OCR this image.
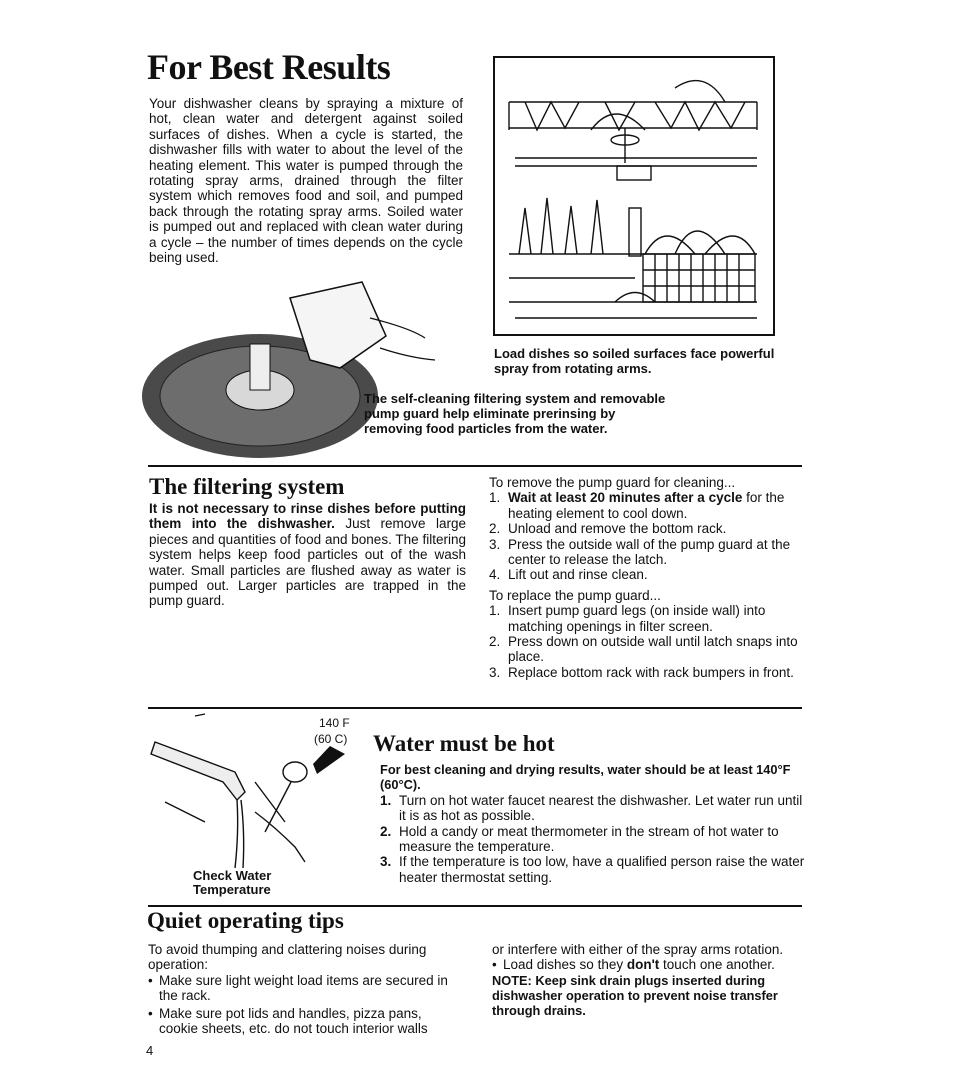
For Best Results

Your dishwasher cleans by spraying a mixture of hot, clean water and detergent against soiled surfaces of dishes. When a cycle is started, the dishwasher fills with water to about the level of the heating element. This water is pumped through the rotating spray arms, drained through the filter system which removes food and soil, and pumped back through the rotating spray arms. Soiled water is pumped out and replaced with clean water during a cycle – the number of times depends on the cycle being used.

Load dishes so soiled surfaces face powerful spray from rotating arms.

The self-cleaning filtering system and removable pump guard help eliminate prerinsing by removing food particles from the water.

The filtering system
It is not necessary to rinse dishes before putting them into the dishwasher. Just remove large pieces and quantities of food and bones. The filtering system helps keep food particles out of the wash water. Small particles are flushed away as water is pumped out. Larger particles are trapped in the pump guard.

To remove the pump guard for cleaning...

1. Wait at least 20 minutes after a cycle for the heating element to cool down.
2. Unload and remove the bottom rack.
3. Press the outside wall of the pump guard at the center to release the latch.
4. Lift out and rinse clean.

To replace the pump guard...

1. Insert pump guard legs (on inside wall) into matching openings in filter screen.
2. Press down on outside wall until latch snaps into place.
3. Replace bottom rack with rack bumpers in front.
140 F
(60 C)
Check Water
Temperature
Water must be hot

For best cleaning and drying results, water should be at least 140°F (60°C).

1. Turn on hot water faucet nearest the dishwasher. Let water run until it is as hot as possible.
2. Hold a candy or meat thermometer in the stream of hot water to measure the temperature.
3. If the temperature is too low, have a qualified person raise the water heater thermostat setting.
Quiet operating tips

To avoid thumping and clattering noises during operation:

• Make sure light weight load items are secured in the rack.
• Make sure pot lids and handles, pizza pans, cookie sheets, etc. do not touch interior walls

or interfere with either of the spray arms rotation.

• Load dishes so they don't touch one another.

NOTE: Keep sink drain plugs inserted during dishwasher operation to prevent noise transfer through drains.

4
